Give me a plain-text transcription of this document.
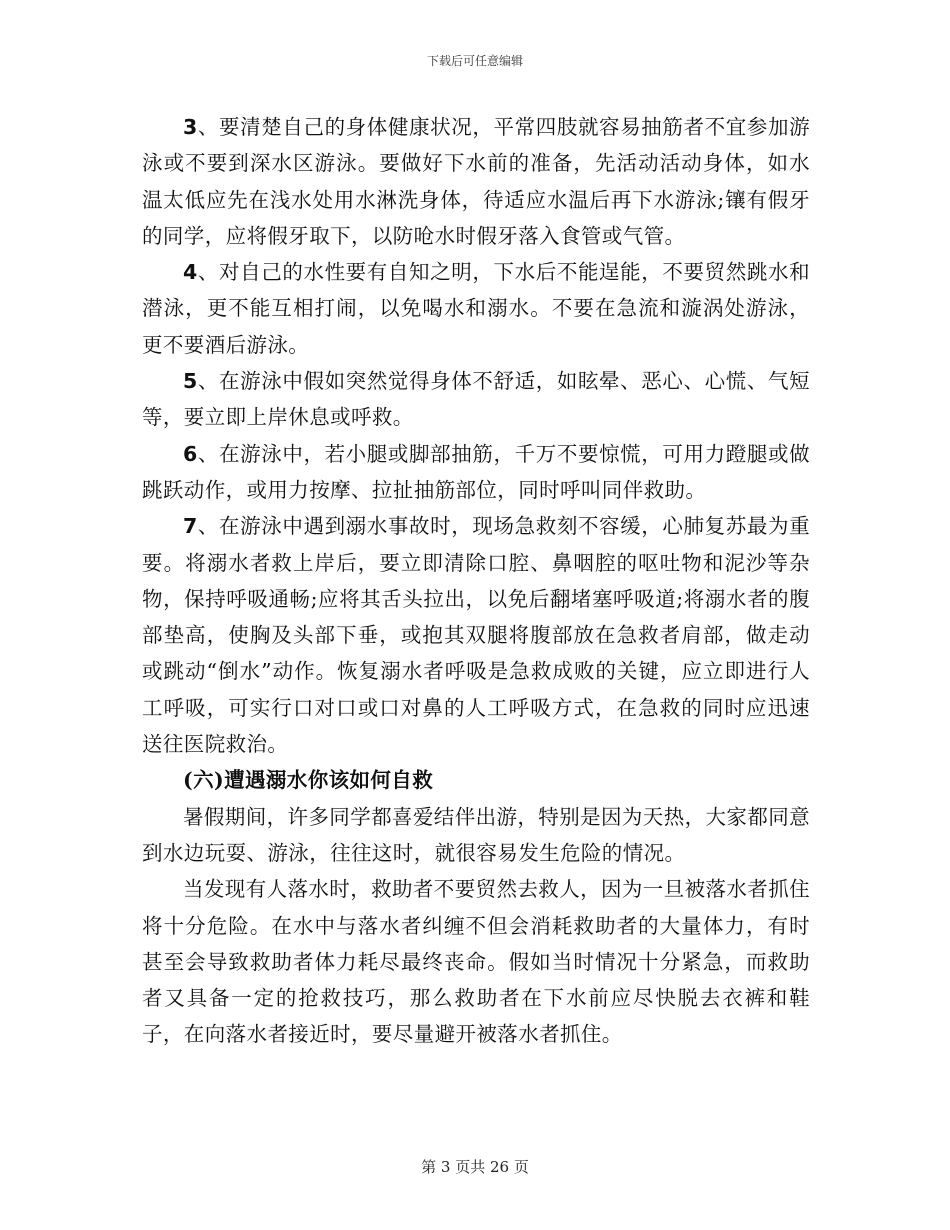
下载后可任意编辑

3、要清楚自己的身体健康状况，平常四肢就容易抽筋者不宜参加游泳或不要到深水区游泳。要做好下水前的准备，先活动活动身体，如水温太低应先在浅水处用水淋洗身体，待适应水温后再下水游泳;镶有假牙的同学，应将假牙取下，以防呛水时假牙落入食管或气管。

4、对自己的水性要有自知之明，下水后不能逞能，不要贸然跳水和潜泳，更不能互相打闹，以免喝水和溺水。不要在急流和漩涡处游泳，更不要酒后游泳。

5、在游泳中假如突然觉得身体不舒适，如眩晕、恶心、心慌、气短等，要立即上岸休息或呼救。

6、在游泳中，若小腿或脚部抽筋，千万不要惊慌，可用力蹬腿或做跳跃动作，或用力按摩、拉扯抽筋部位，同时呼叫同伴救助。

7、在游泳中遇到溺水事故时，现场急救刻不容缓，心肺复苏最为重要。将溺水者救上岸后，要立即清除口腔、鼻咽腔的呕吐物和泥沙等杂物，保持呼吸通畅;应将其舌头拉出，以免后翻堵塞呼吸道;将溺水者的腹部垫高，使胸及头部下垂，或抱其双腿将腹部放在急救者肩部，做走动或跳动“倒水”动作。恢复溺水者呼吸是急救成败的关键，应立即进行人工呼吸，可实行口对口或口对鼻的人工呼吸方式，在急救的同时应迅速送往医院救治。

(六)遭遇溺水你该如何自救

暑假期间，许多同学都喜爱结伴出游，特别是因为天热，大家都同意到水边玩耍、游泳，往往这时，就很容易发生危险的情况。

当发现有人落水时，救助者不要贸然去救人，因为一旦被落水者抓住将十分危险。在水中与落水者纠缠不但会消耗救助者的大量体力，有时甚至会导致救助者体力耗尽最终丧命。假如当时情况十分紧急，而救助者又具备一定的抢救技巧，那么救助者在下水前应尽快脱去衣裤和鞋子，在向落水者接近时，要尽量避开被落水者抓住。

第 3 页共 26 页
